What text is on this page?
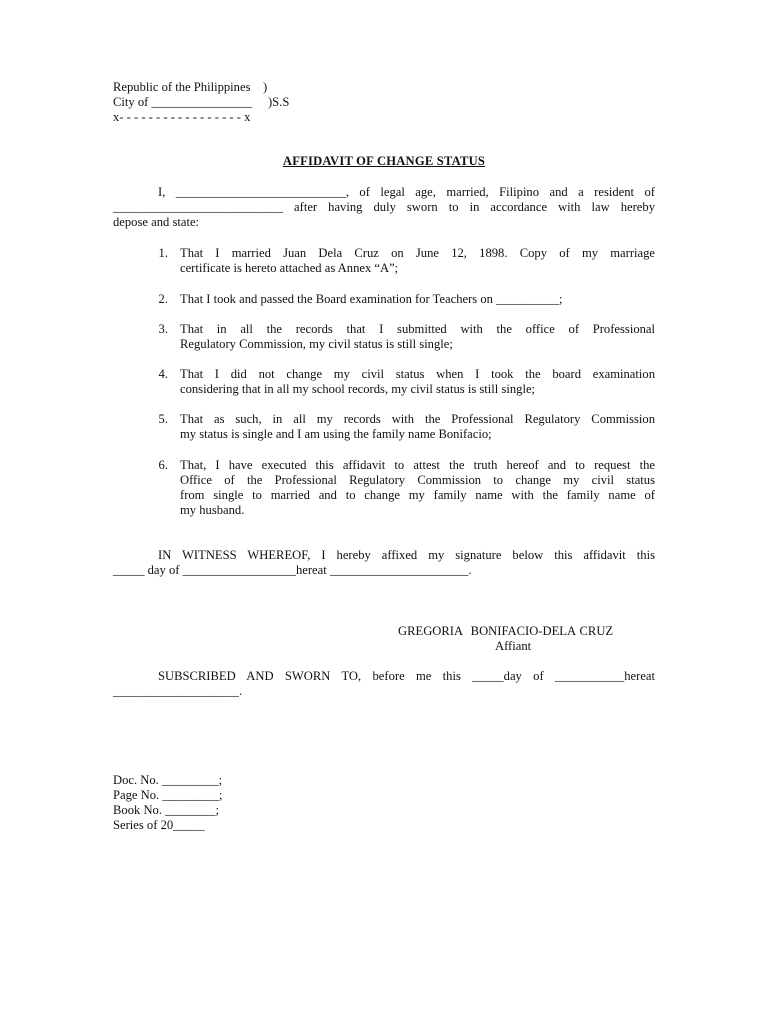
Republic of the Philippines    )
City of ________________     )S.S
x- - - - - - - - - - - - - - - - - x
AFFIDAVIT OF CHANGE STATUS
I, ___________________________, of legal age, married, Filipino and a resident of
___________________________ after having duly sworn to in accordance with law hereby
depose and state:
1. That I married Juan Dela Cruz on June 12, 1898. Copy of my marriage
certificate is hereto attached as Annex “A”;
2. That I took and passed the Board examination for Teachers on __________;
3. That in all the records that I submitted with the office of Professional
Regulatory Commission, my civil status is still single;
4. That I did not change my civil status when I took the board examination
considering that in all my school records, my civil status is still single;
5. That as such, in all my records with the Professional Regulatory Commission
my status is single and I am using the family name Bonifacio;
6. That, I have executed this affidavit to attest the truth hereof and to request the
Office of the Professional Regulatory Commission to change my civil status
from single to married and to change my family name with the family name of
my husband.
IN WITNESS WHEREOF, I hereby affixed my signature below this affidavit this
_____ day of __________________hereat ______________________.
GREGORIA  BONIFACIO-DELA CRUZ
Affiant
SUBSCRIBED AND SWORN TO, before me this _____day of ___________hereat
____________________.
Doc. No. _________;
Page No. _________;
Book No. ________;
Series of 20_____
